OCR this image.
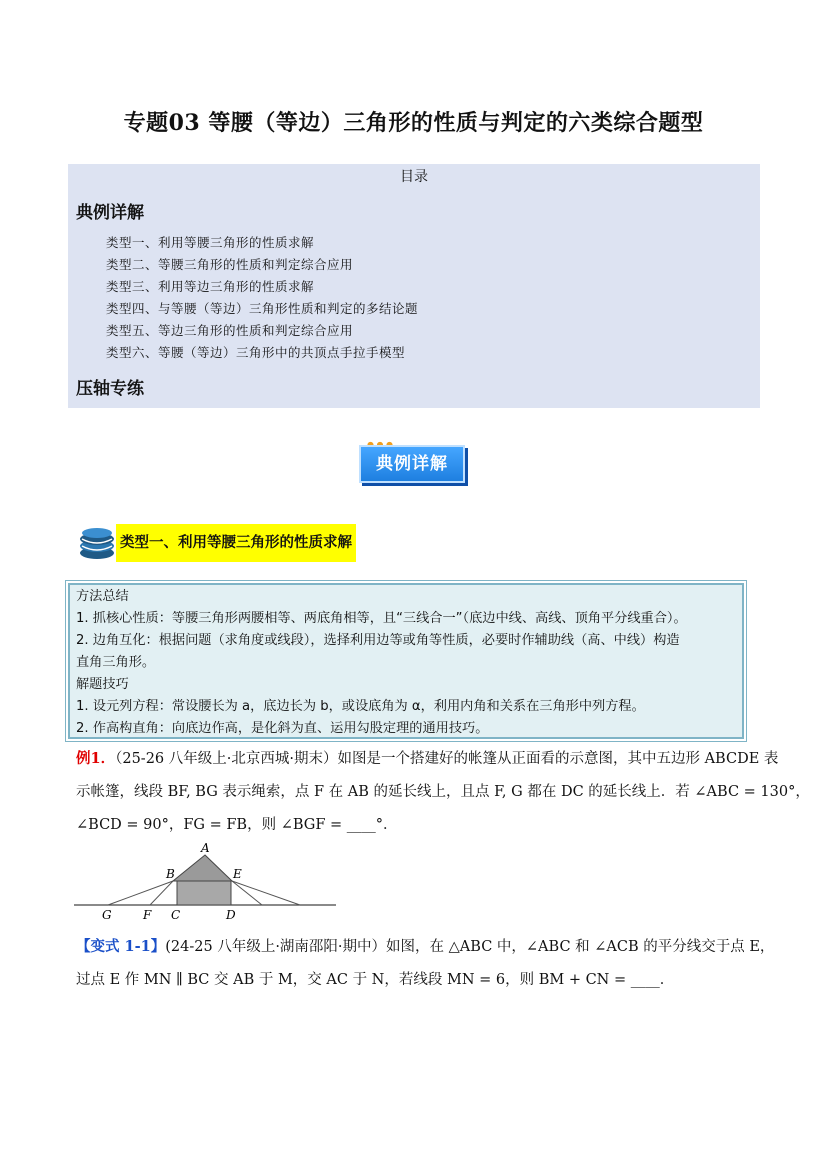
专题03 等腰（等边）三角形的性质与判定的六类综合题型
目录
典例详解
类型一、利用等腰三角形的性质求解
类型二、等腰三角形的性质和判定综合应用
类型三、利用等边三角形的性质求解
类型四、与等腰（等边）三角形性质和判定的多结论题
类型五、等边三角形的性质和判定综合应用
类型六、等腰（等边）三角形中的共顶点手拉手模型
压轴专练
典例详解
类型一、利用等腰三角形的性质求解
方法总结
1. 抓核心性质：等腰三角形两腰相等、两底角相等，且“三线合一”（底边中线、高线、顶角平分线重合）。
2. 边角互化：根据问题（求角度或线段），选择利用边等或角等性质，必要时作辅助线（高、中线）构造
直角三角形。
解题技巧
1. 设元列方程：常设腰长为 a，底边长为 b，或设底角为 α，利用内角和关系在三角形中列方程。
2. 作高构直角：向底边作高，是化斜为直、运用勾股定理的通用技巧。
例1．（25-26 八年级上·北京西城·期末）如图是一个搭建好的帐篷从正面看的示意图，其中五边形 ABCDE 表
示帐篷，线段 BF, BG 表示绳索，点 F 在 AB 的延长线上，且点 F, G 都在 DC 的延长线上．若 ∠ABC = 130°，
∠BCD = 90°，FG = FB，则 ∠BGF = ____°．
A
B	E
G	F C	D
【变式 1-1】(24-25 八年级上·湖南邵阳·期中）如图，在 △ABC 中，∠ABC 和 ∠ACB 的平分线交于点 E，
过点 E 作 MN ∥ BC 交 AB 于 M，交 AC 于 N，若线段 MN = 6，则 BM + CN = ____．
